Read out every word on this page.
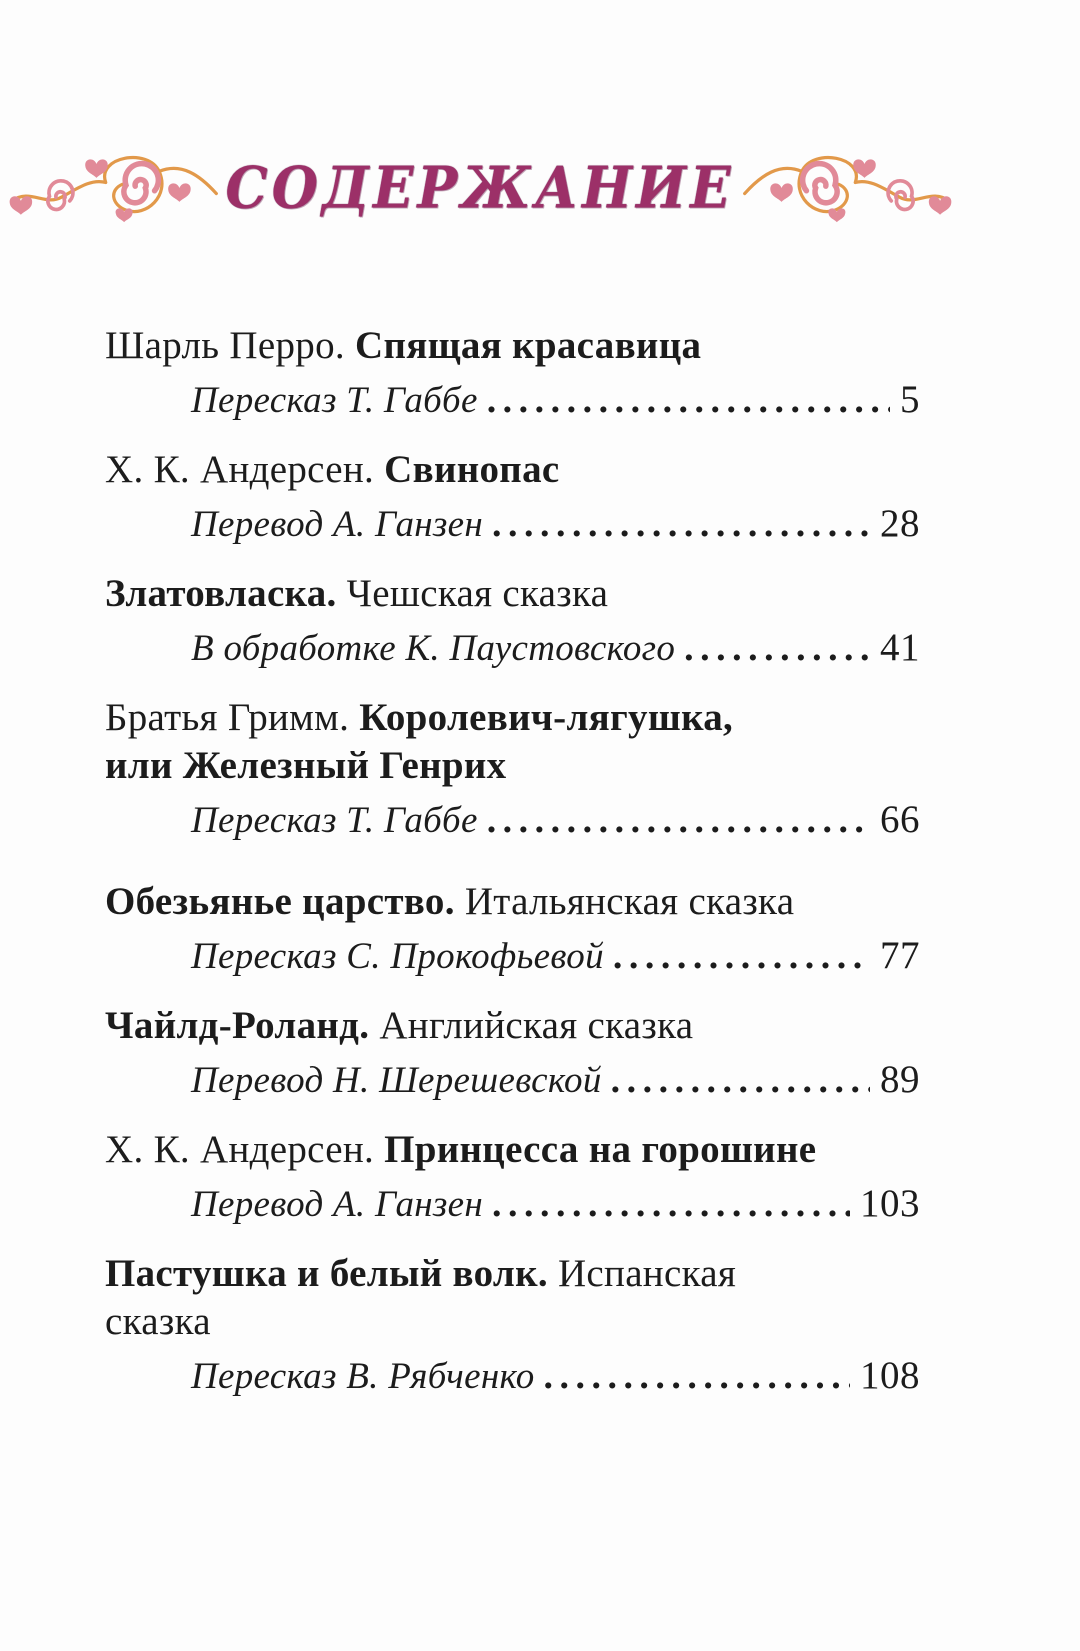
СОДЕРЖАНИЕ
Шарль Перро. Спящая красавица
Пересказ Т. Габбе .....	5
Х. К. Андерсен. Свинопас
Перевод А. Ганзен .....	28
Златовласка. Чешская сказка
В обработке К. Паустовского .....	41
Братья Гримм. Королевич-лягушка,
или Железный Генрих
Пересказ Т. Габбе .....	66
Обезьянье царство. Итальянская сказка
Пересказ С. Прокофьевой .....	77
Чайлд-Роланд. Английская сказка
Перевод Н. Шерешевской .....	89
Х. К. Андерсен. Принцесса на горошине
Перевод А. Ганзен .....	103
Пастушка и белый волк. Испанская
сказка
Пересказ В. Рябченко .....	108
